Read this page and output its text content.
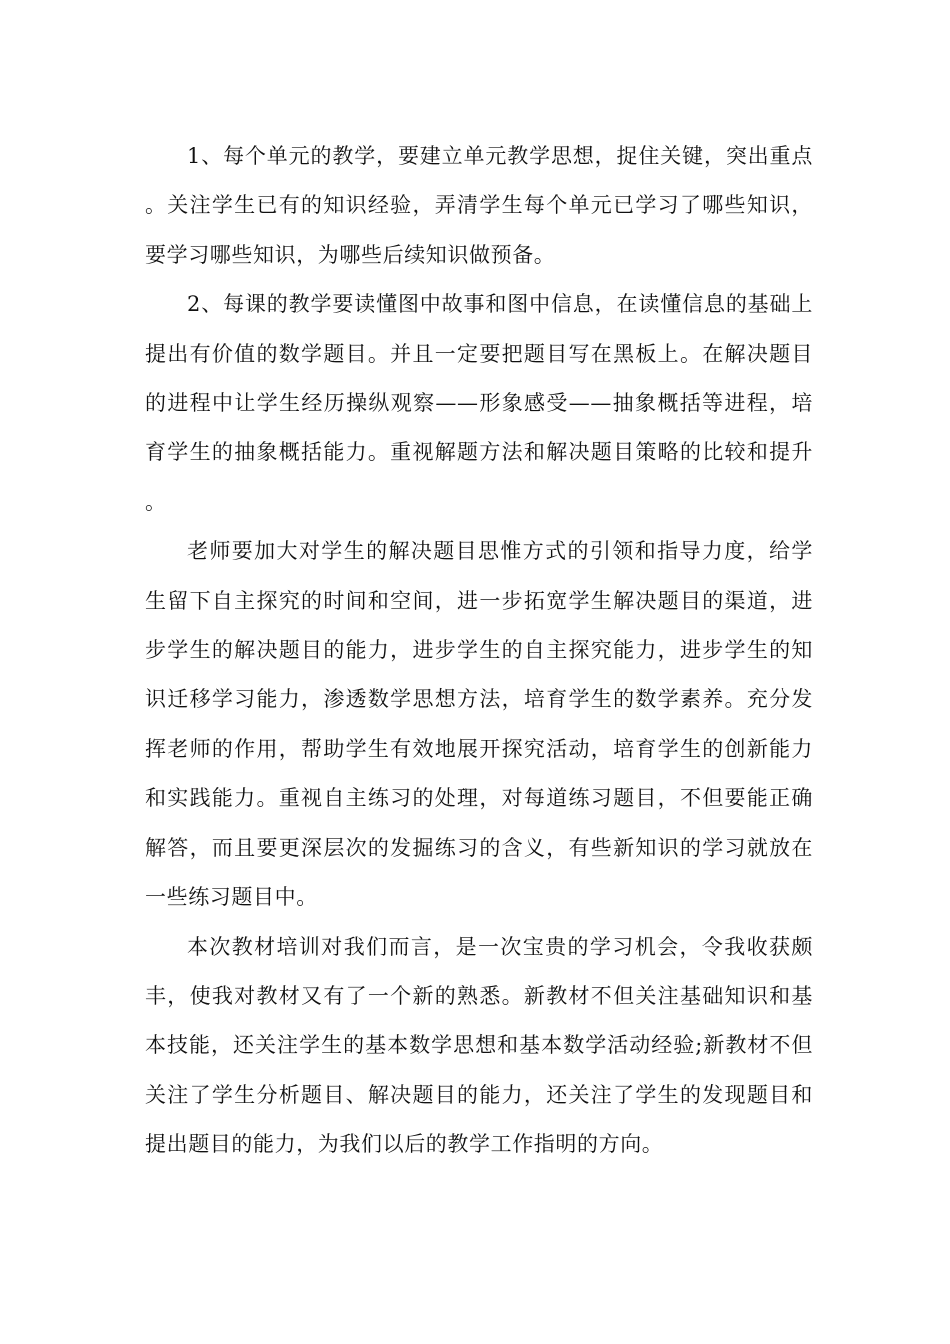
1、每个单元的教学，要建立单元教学思想，捉住关键，突出重点。关注学生已有的知识经验，弄清学生每个单元已学习了哪些知识，要学习哪些知识，为哪些后续知识做预备。

2、每课的教学要读懂图中故事和图中信息，在读懂信息的基础上提出有价值的数学题目。并且一定要把题目写在黑板上。在解决题目的进程中让学生经历操纵观察——形象感受——抽象概括等进程，培育学生的抽象概括能力。重视解题方法和解决题目策略的比较和提升。

老师要加大对学生的解决题目思惟方式的引领和指导力度，给学生留下自主探究的时间和空间，进一步拓宽学生解决题目的渠道，进步学生的解决题目的能力，进步学生的自主探究能力，进步学生的知识迁移学习能力，渗透数学思想方法，培育学生的数学素养。充分发挥老师的作用，帮助学生有效地展开探究活动，培育学生的创新能力和实践能力。重视自主练习的处理，对每道练习题目，不但要能正确解答，而且要更深层次的发掘练习的含义，有些新知识的学习就放在一些练习题目中。

本次教材培训对我们而言，是一次宝贵的学习机会，令我收获颇丰，使我对教材又有了一个新的熟悉。新教材不但关注基础知识和基本技能，还关注学生的基本数学思想和基本数学活动经验;新教材不但关注了学生分析题目、解决题目的能力，还关注了学生的发现题目和提出题目的能力，为我们以后的教学工作指明的方向。
